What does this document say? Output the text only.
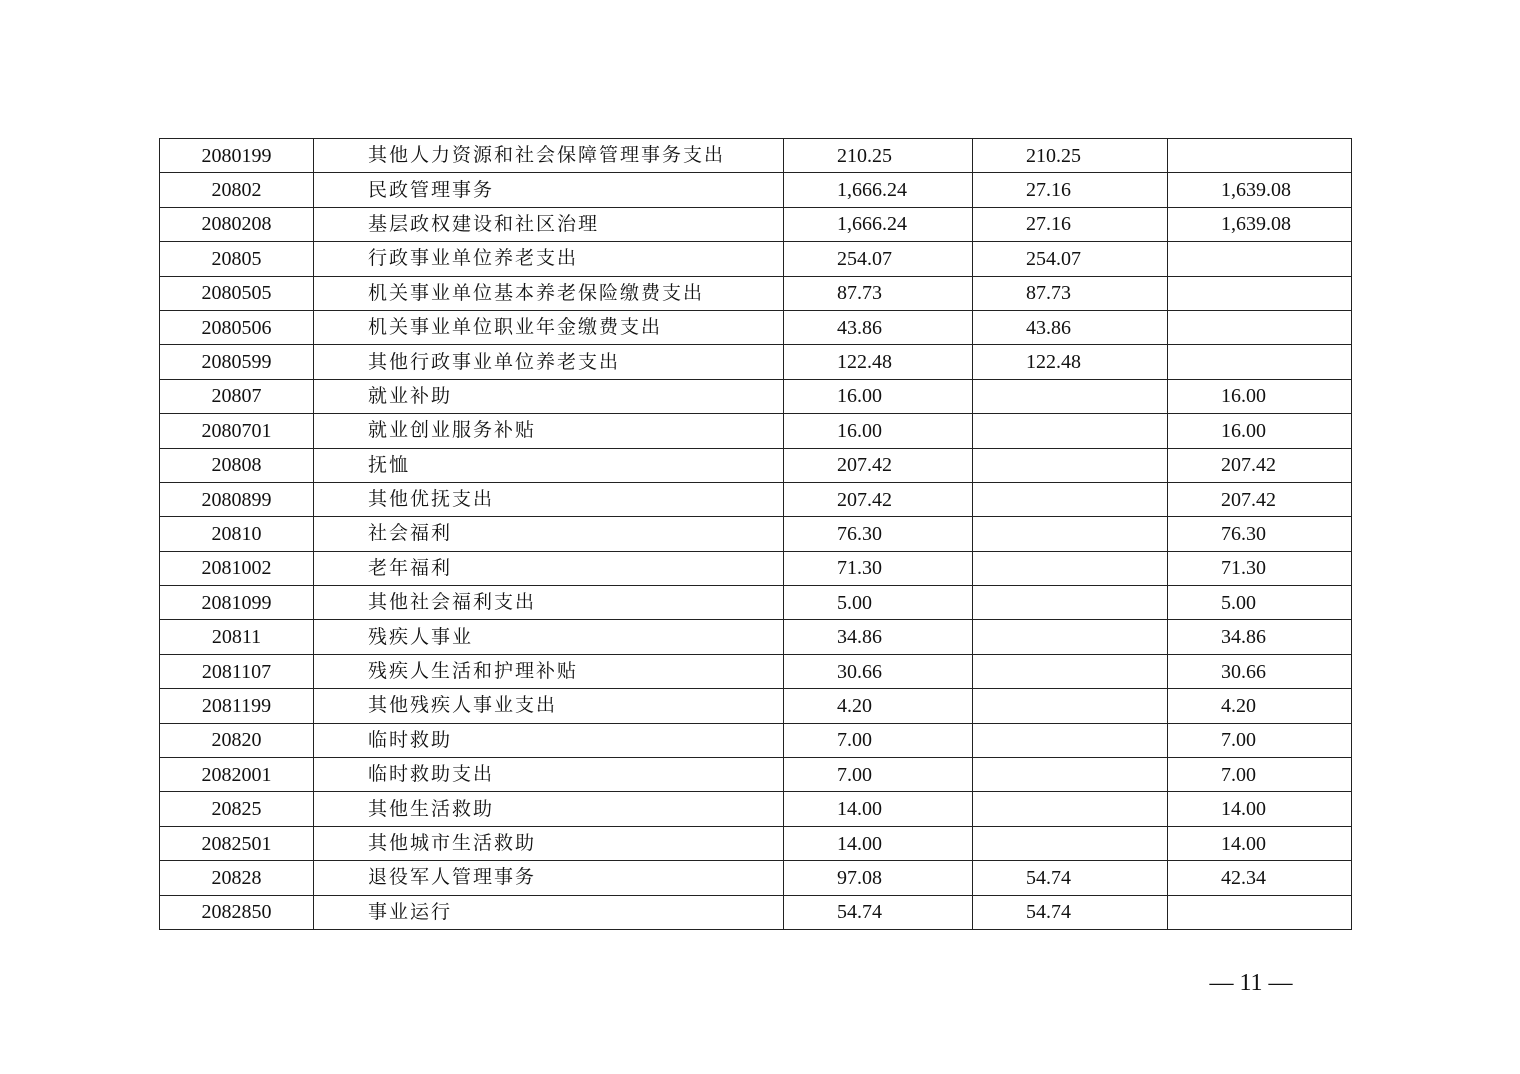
2080199	其他人力资源和社会保障管理事务支出	210.25	210.25	
20802	民政管理事务	1,666.24	27.16	1,639.08
2080208	基层政权建设和社区治理	1,666.24	27.16	1,639.08
20805	行政事业单位养老支出	254.07	254.07	
2080505	机关事业单位基本养老保险缴费支出	87.73	87.73	
2080506	机关事业单位职业年金缴费支出	43.86	43.86	
2080599	其他行政事业单位养老支出	122.48	122.48	
20807	就业补助	16.00		16.00
2080701	就业创业服务补贴	16.00		16.00
20808	抚恤	207.42		207.42
2080899	其他优抚支出	207.42		207.42
20810	社会福利	76.30		76.30
2081002	老年福利	71.30		71.30
2081099	其他社会福利支出	5.00		5.00
20811	残疾人事业	34.86		34.86
2081107	残疾人生活和护理补贴	30.66		30.66
2081199	其他残疾人事业支出	4.20		4.20
20820	临时救助	7.00		7.00
2082001	临时救助支出	7.00		7.00
20825	其他生活救助	14.00		14.00
2082501	其他城市生活救助	14.00		14.00
20828	退役军人管理事务	97.08	54.74	42.34
2082850	事业运行	54.74	54.74	
— 11 —
